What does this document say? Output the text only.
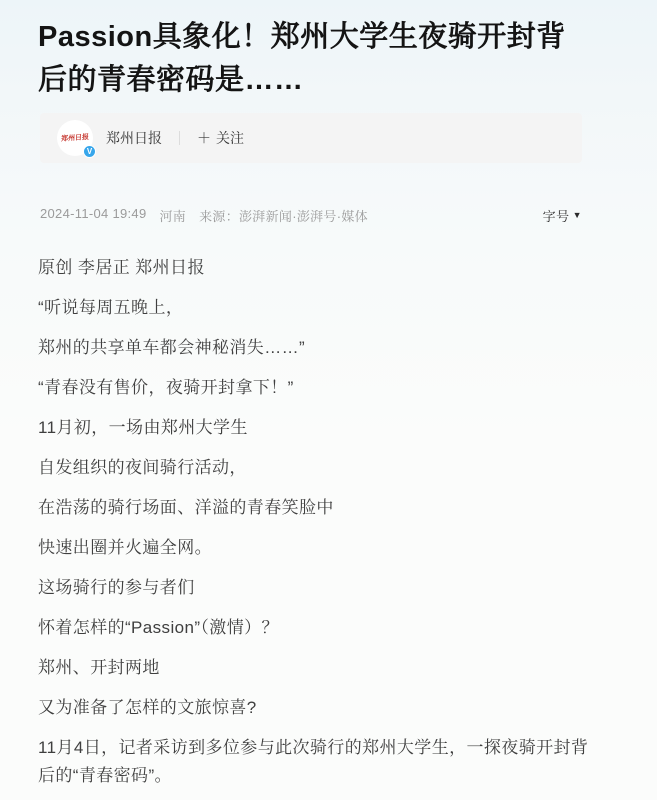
Passion具象化！郑州大学生夜骑开封背后的青春密码是……
郑州日报
V
郑州日报	＋ 关注
2024-11-04 19:49 河南 来源：澎湃新闻·澎湃号·媒体	字号 ▼

原创 李居正 郑州日报

“听说每周五晚上，

郑州的共享单车都会神秘消失……”

“青春没有售价，夜骑开封拿下！”

11月初，一场由郑州大学生

自发组织的夜间骑行活动，

在浩荡的骑行场面、洋溢的青春笑脸中

快速出圈并火遍全网。

这场骑行的参与者们

怀着怎样的“Passion”（激情）？

郑州、开封两地

又为准备了怎样的文旅惊喜?

11月4日，记者采访到多位参与此次骑行的郑州大学生，一探夜骑开封背后的“青春密码”。
